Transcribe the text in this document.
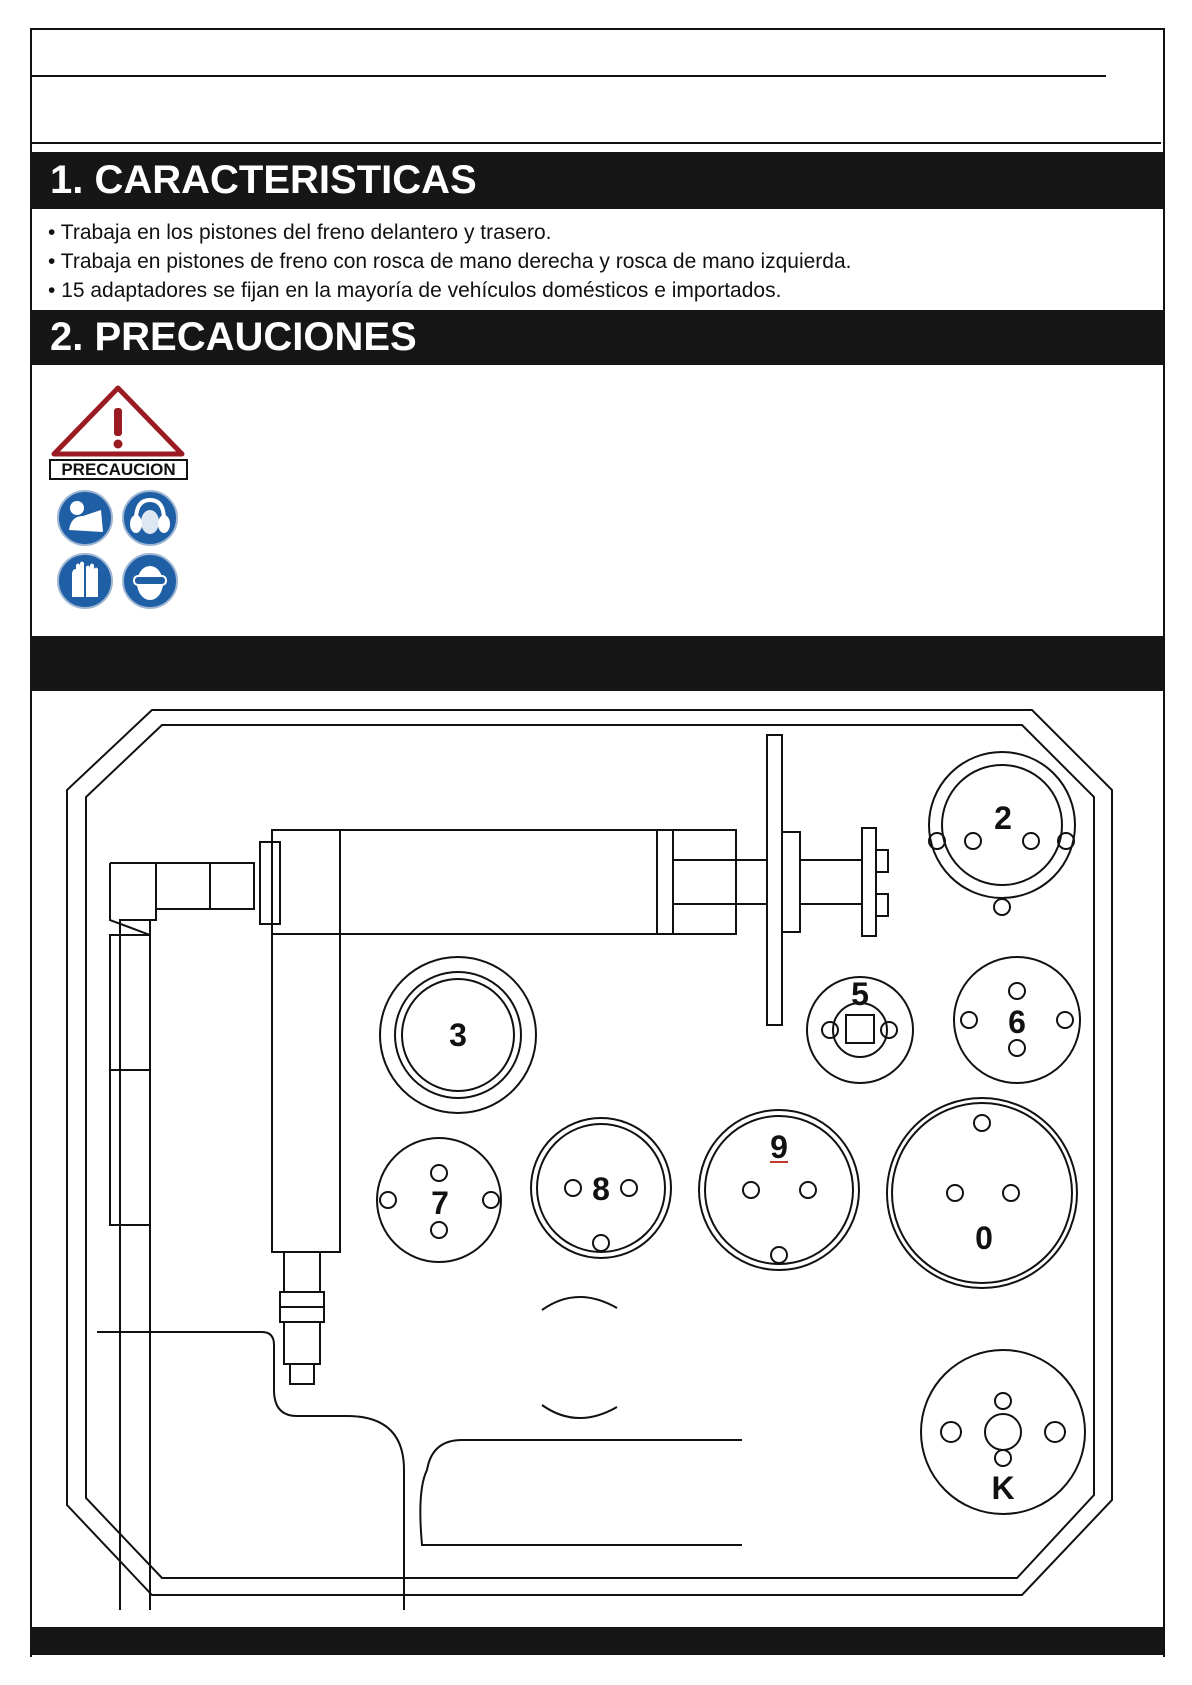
1. CARACTERISTICAS
• Trabaja en los pistones del freno delantero y trasero.
• Trabaja en pistones de freno con rosca de mano derecha y rosca de mano izquierda.
• 15 adaptadores se fijan en la mayoría de vehículos domésticos e importados.
2. PRECAUCIONES
PRECAUCION
2
3
5
6
7	8
9
0
K
